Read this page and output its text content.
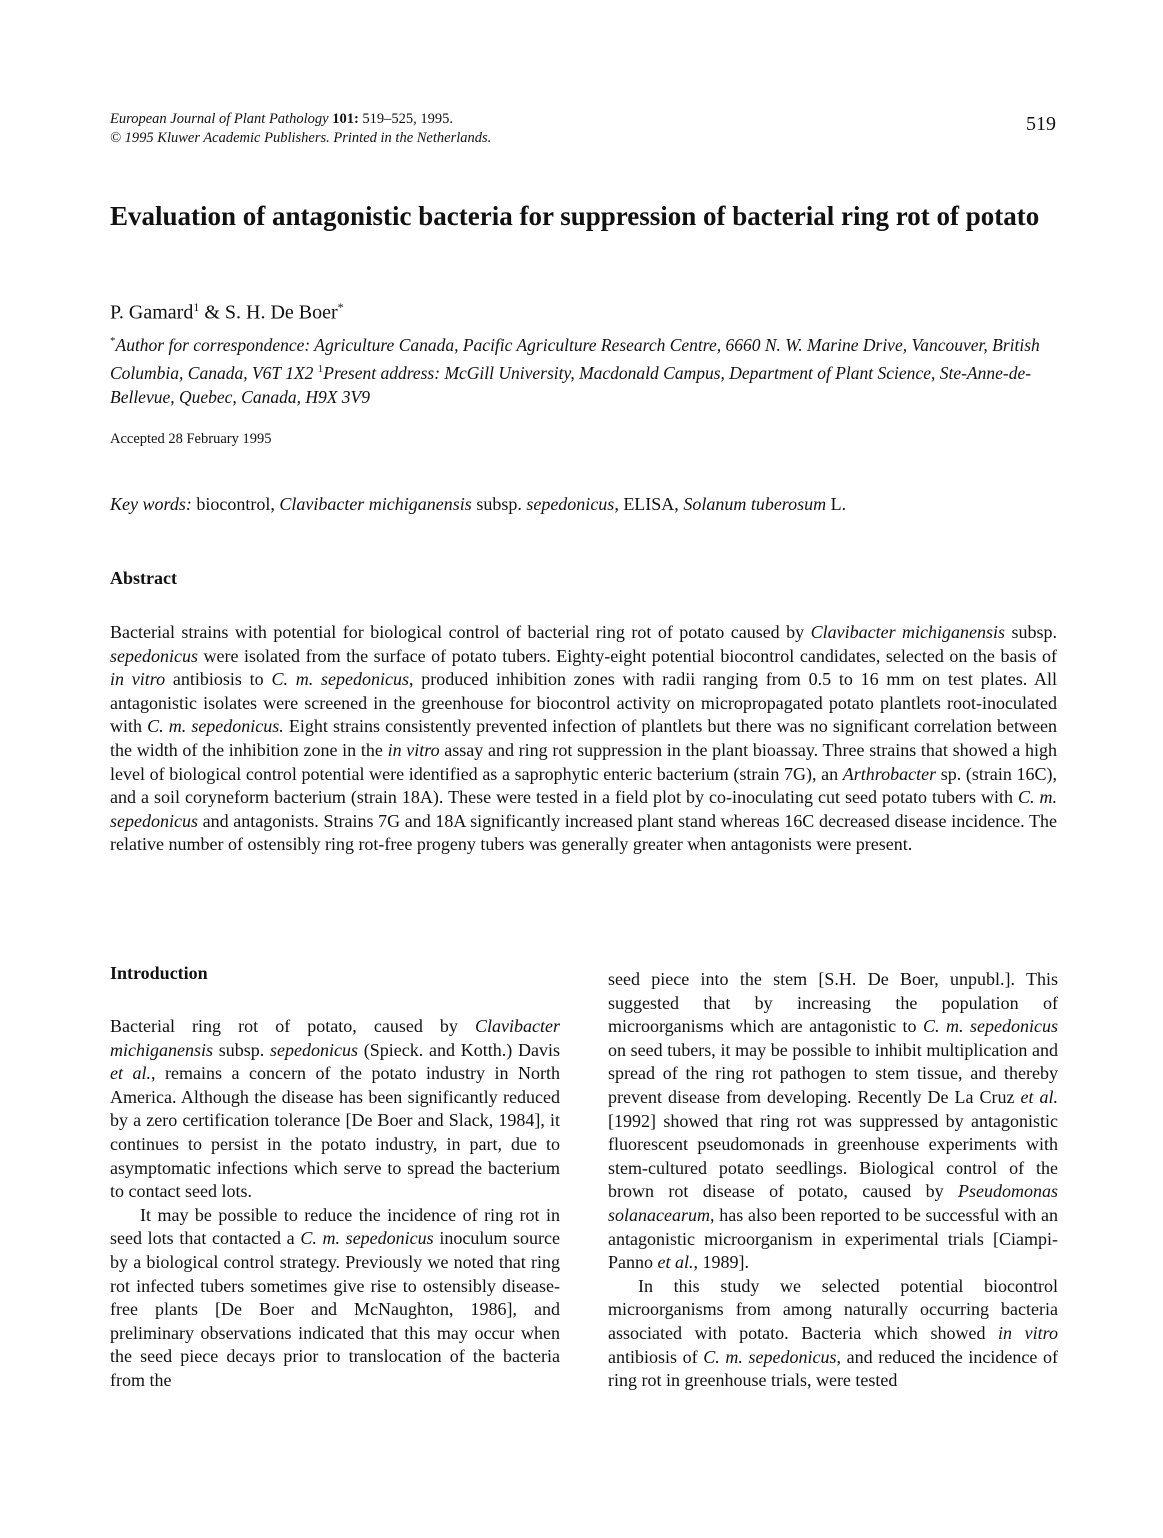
European Journal of Plant Pathology 101: 519–525, 1995.
© 1995 Kluwer Academic Publishers. Printed in the Netherlands.
519
Evaluation of antagonistic bacteria for suppression of bacterial ring rot of potato
P. Gamard$^1$ & S. H. De Boer*
*Author for correspondence: Agriculture Canada, Pacific Agriculture Research Centre, 6660 N. W. Marine Drive, Vancouver, British Columbia, Canada, V6T 1X2 $^1$Present address: McGill University, Macdonald Campus, Department of Plant Science, Ste-Anne-de-Bellevue, Quebec, Canada, H9X 3V9
Accepted 28 February 1995
Key words: biocontrol, Clavibacter michiganensis subsp. sepedonicus, ELISA, Solanum tuberosum L.
Abstract

Bacterial strains with potential for biological control of bacterial ring rot of potato caused by Clavibacter michiganensis subsp. sepedonicus were isolated from the surface of potato tubers. Eighty-eight potential biocontrol candidates, selected on the basis of in vitro antibiosis to C. m. sepedonicus, produced inhibition zones with radii ranging from 0.5 to 16 mm on test plates. All antagonistic isolates were screened in the greenhouse for biocontrol activity on micropropagated potato plantlets root-inoculated with C. m. sepedonicus. Eight strains consistently prevented infection of plantlets but there was no significant correlation between the width of the inhibition zone in the in vitro assay and ring rot suppression in the plant bioassay. Three strains that showed a high level of biological control potential were identified as a saprophytic enteric bacterium (strain 7G), an Arthrobacter sp. (strain 16C), and a soil coryneform bacterium (strain 18A). These were tested in a field plot by co-inoculating cut seed potato tubers with C. m. sepedonicus and antagonists. Strains 7G and 18A significantly increased plant stand whereas 16C decreased disease incidence. The relative number of ostensibly ring rot-free progeny tubers was generally greater when antagonists were present.

Introduction

Bacterial ring rot of potato, caused by Clavibacter michiganensis subsp. sepedonicus (Spieck. and Kotth.) Davis et al., remains a concern of the potato industry in North America. Although the disease has been significantly reduced by a zero certification tolerance [De Boer and Slack, 1984], it continues to persist in the potato industry, in part, due to asymptomatic infections which serve to spread the bacterium to contact seed lots.

It may be possible to reduce the incidence of ring rot in seed lots that contacted a C. m. sepedonicus inoculum source by a biological control strategy. Previously we noted that ring rot infected tubers sometimes give rise to ostensibly disease-free plants [De Boer and McNaughton, 1986], and preliminary observations indicated that this may occur when the seed piece decays prior to translocation of the bacteria from the

seed piece into the stem [S.H. De Boer, unpubl.]. This suggested that by increasing the population of microorganisms which are antagonistic to C. m. sepedonicus on seed tubers, it may be possible to inhibit multiplication and spread of the ring rot pathogen to stem tissue, and thereby prevent disease from developing. Recently De La Cruz et al. [1992] showed that ring rot was suppressed by antagonistic fluorescent pseudomonads in greenhouse experiments with stem-cultured potato seedlings. Biological control of the brown rot disease of potato, caused by Pseudomonas solanacearum, has also been reported to be successful with an antagonistic microorganism in experimental trials [Ciampi-Panno et al., 1989].

In this study we selected potential biocontrol microorganisms from among naturally occurring bacteria associated with potato. Bacteria which showed in vitro antibiosis of C. m. sepedonicus, and reduced the incidence of ring rot in greenhouse trials, were tested
